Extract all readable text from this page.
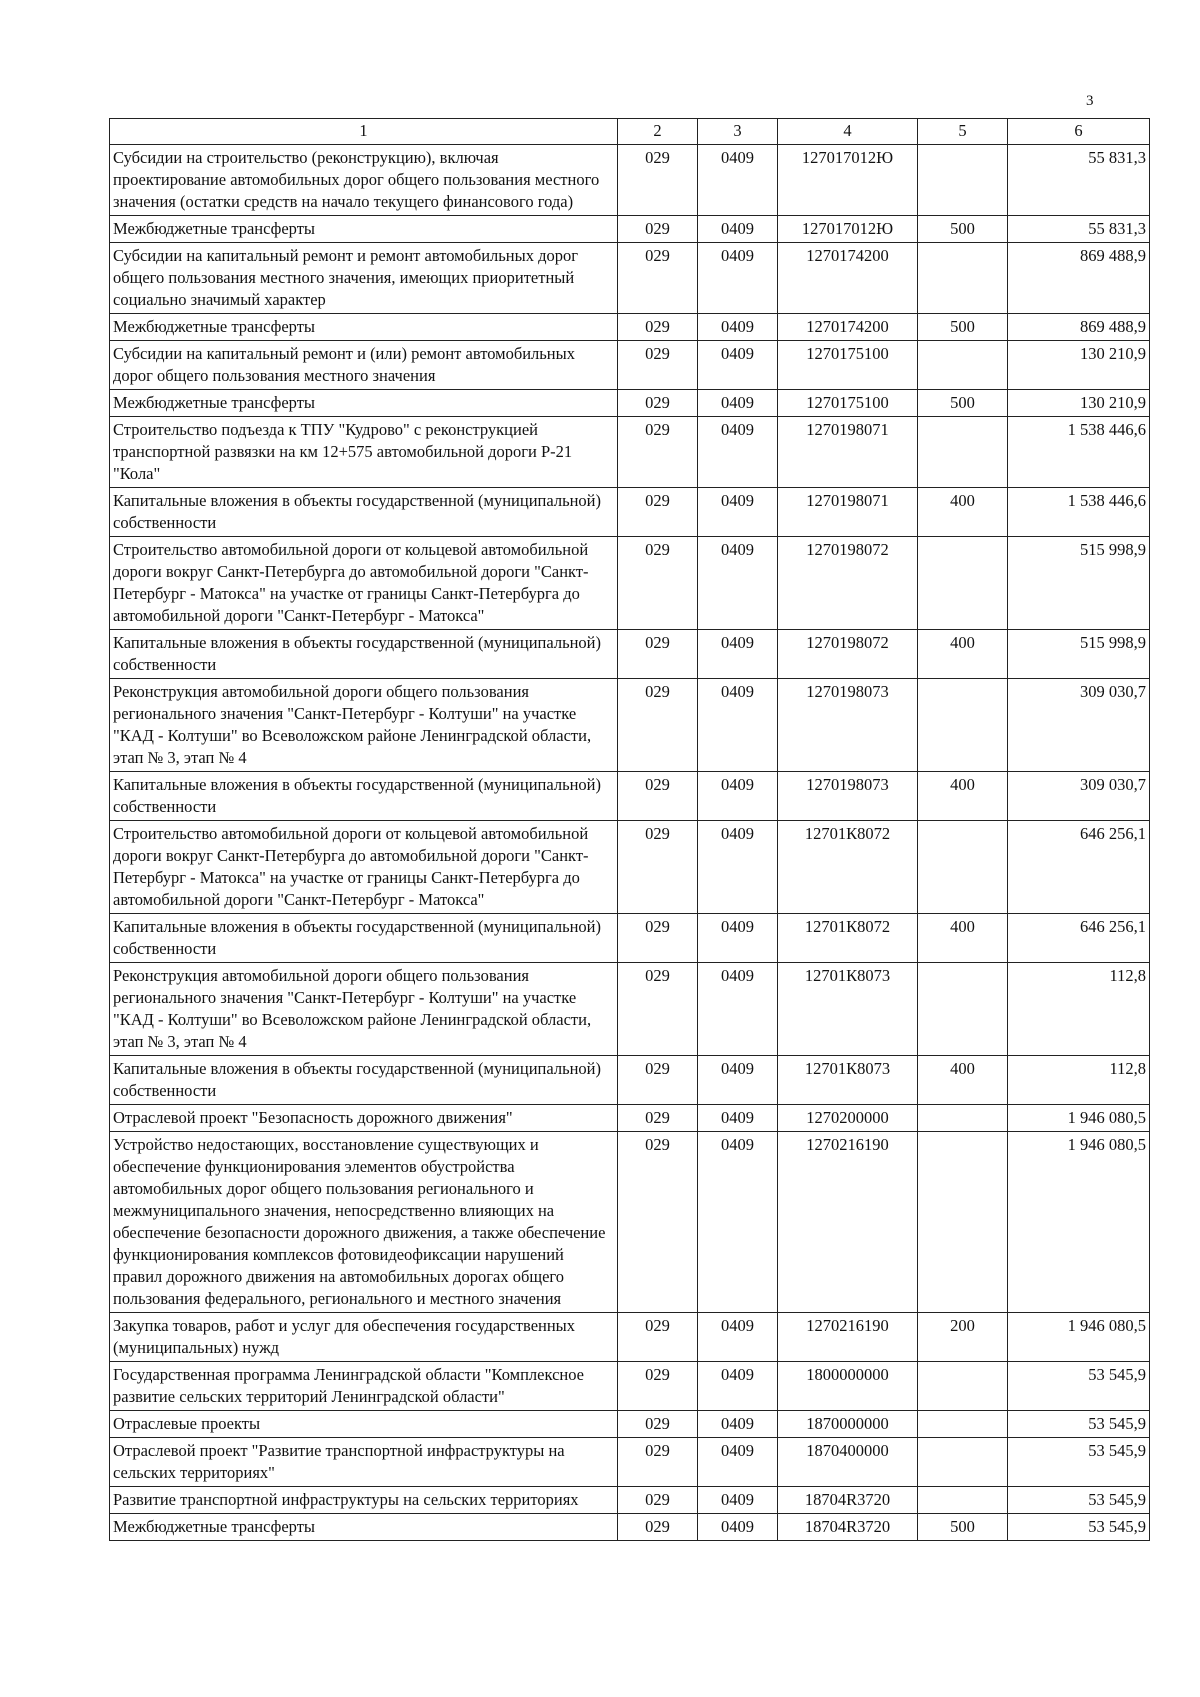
3
1	2	3	4	5	6
Субсидии на строительство (реконструкцию), включая проектирование автомобильных дорог общего пользования местного значения (остатки средств на начало текущего финансового года)	029	0409	127017012Ю		55 831,3
Межбюджетные трансферты	029	0409	127017012Ю	500	55 831,3
Субсидии на капитальный ремонт и ремонт автомобильных дорог общего пользования местного значения, имеющих приоритетный социально значимый характер	029	0409	1270174200		869 488,9
Межбюджетные трансферты	029	0409	1270174200	500	869 488,9
Субсидии на капитальный ремонт и (или) ремонт автомобильных дорог общего пользования местного значения	029	0409	1270175100		130 210,9
Межбюджетные трансферты	029	0409	1270175100	500	130 210,9
Строительство подъезда к ТПУ "Кудрово" с реконструкцией транспортной развязки на км 12+575 автомобильной дороги Р-21 "Кола"	029	0409	1270198071		1 538 446,6
Капитальные вложения в объекты государственной (муниципальной) собственности	029	0409	1270198071	400	1 538 446,6
Строительство автомобильной дороги от кольцевой автомобильной дороги вокруг Санкт-Петербурга до автомобильной дороги "Санкт-Петербург - Матокса" на участке от границы Санкт-Петербурга до автомобильной дороги "Санкт-Петербург - Матокса"	029	0409	1270198072		515 998,9
Капитальные вложения в объекты государственной (муниципальной) собственности	029	0409	1270198072	400	515 998,9
Реконструкция автомобильной дороги общего пользования регионального значения "Санкт-Петербург - Колтуши" на участке "КАД - Колтуши" во Всеволожском районе Ленинградской области, этап № 3, этап № 4	029	0409	1270198073		309 030,7
Капитальные вложения в объекты государственной (муниципальной) собственности	029	0409	1270198073	400	309 030,7
Строительство автомобильной дороги от кольцевой автомобильной дороги вокруг Санкт-Петербурга до автомобильной дороги "Санкт-Петербург - Матокса" на участке от границы Санкт-Петербурга до автомобильной дороги "Санкт-Петербург - Матокса"	029	0409	12701К8072		646 256,1
Капитальные вложения в объекты государственной (муниципальной) собственности	029	0409	12701К8072	400	646 256,1
Реконструкция автомобильной дороги общего пользования регионального значения "Санкт-Петербург - Колтуши" на участке "КАД - Колтуши" во Всеволожском районе Ленинградской области, этап № 3, этап № 4	029	0409	12701К8073		112,8
Капитальные вложения в объекты государственной (муниципальной) собственности	029	0409	12701К8073	400	112,8
Отраслевой проект "Безопасность дорожного движения"	029	0409	1270200000		1 946 080,5
Устройство недостающих, восстановление существующих и обеспечение функционирования элементов обустройства автомобильных дорог общего пользования регионального и межмуниципального значения, непосредственно влияющих на обеспечение безопасности дорожного движения, а также обеспечение функционирования комплексов фотовидеофиксации нарушений правил дорожного движения на автомобильных дорогах общего пользования федерального, регионального и местного значения	029	0409	1270216190		1 946 080,5
Закупка товаров, работ и услуг для обеспечения государственных (муниципальных) нужд	029	0409	1270216190	200	1 946 080,5
Государственная программа Ленинградской области "Комплексное развитие сельских территорий Ленинградской области"	029	0409	1800000000		53 545,9
Отраслевые проекты	029	0409	1870000000		53 545,9
Отраслевой проект "Развитие транспортной инфраструктуры на сельских территориях"	029	0409	1870400000		53 545,9
Развитие транспортной инфраструктуры на сельских территориях	029	0409	18704R3720		53 545,9
Межбюджетные трансферты	029	0409	18704R3720	500	53 545,9
